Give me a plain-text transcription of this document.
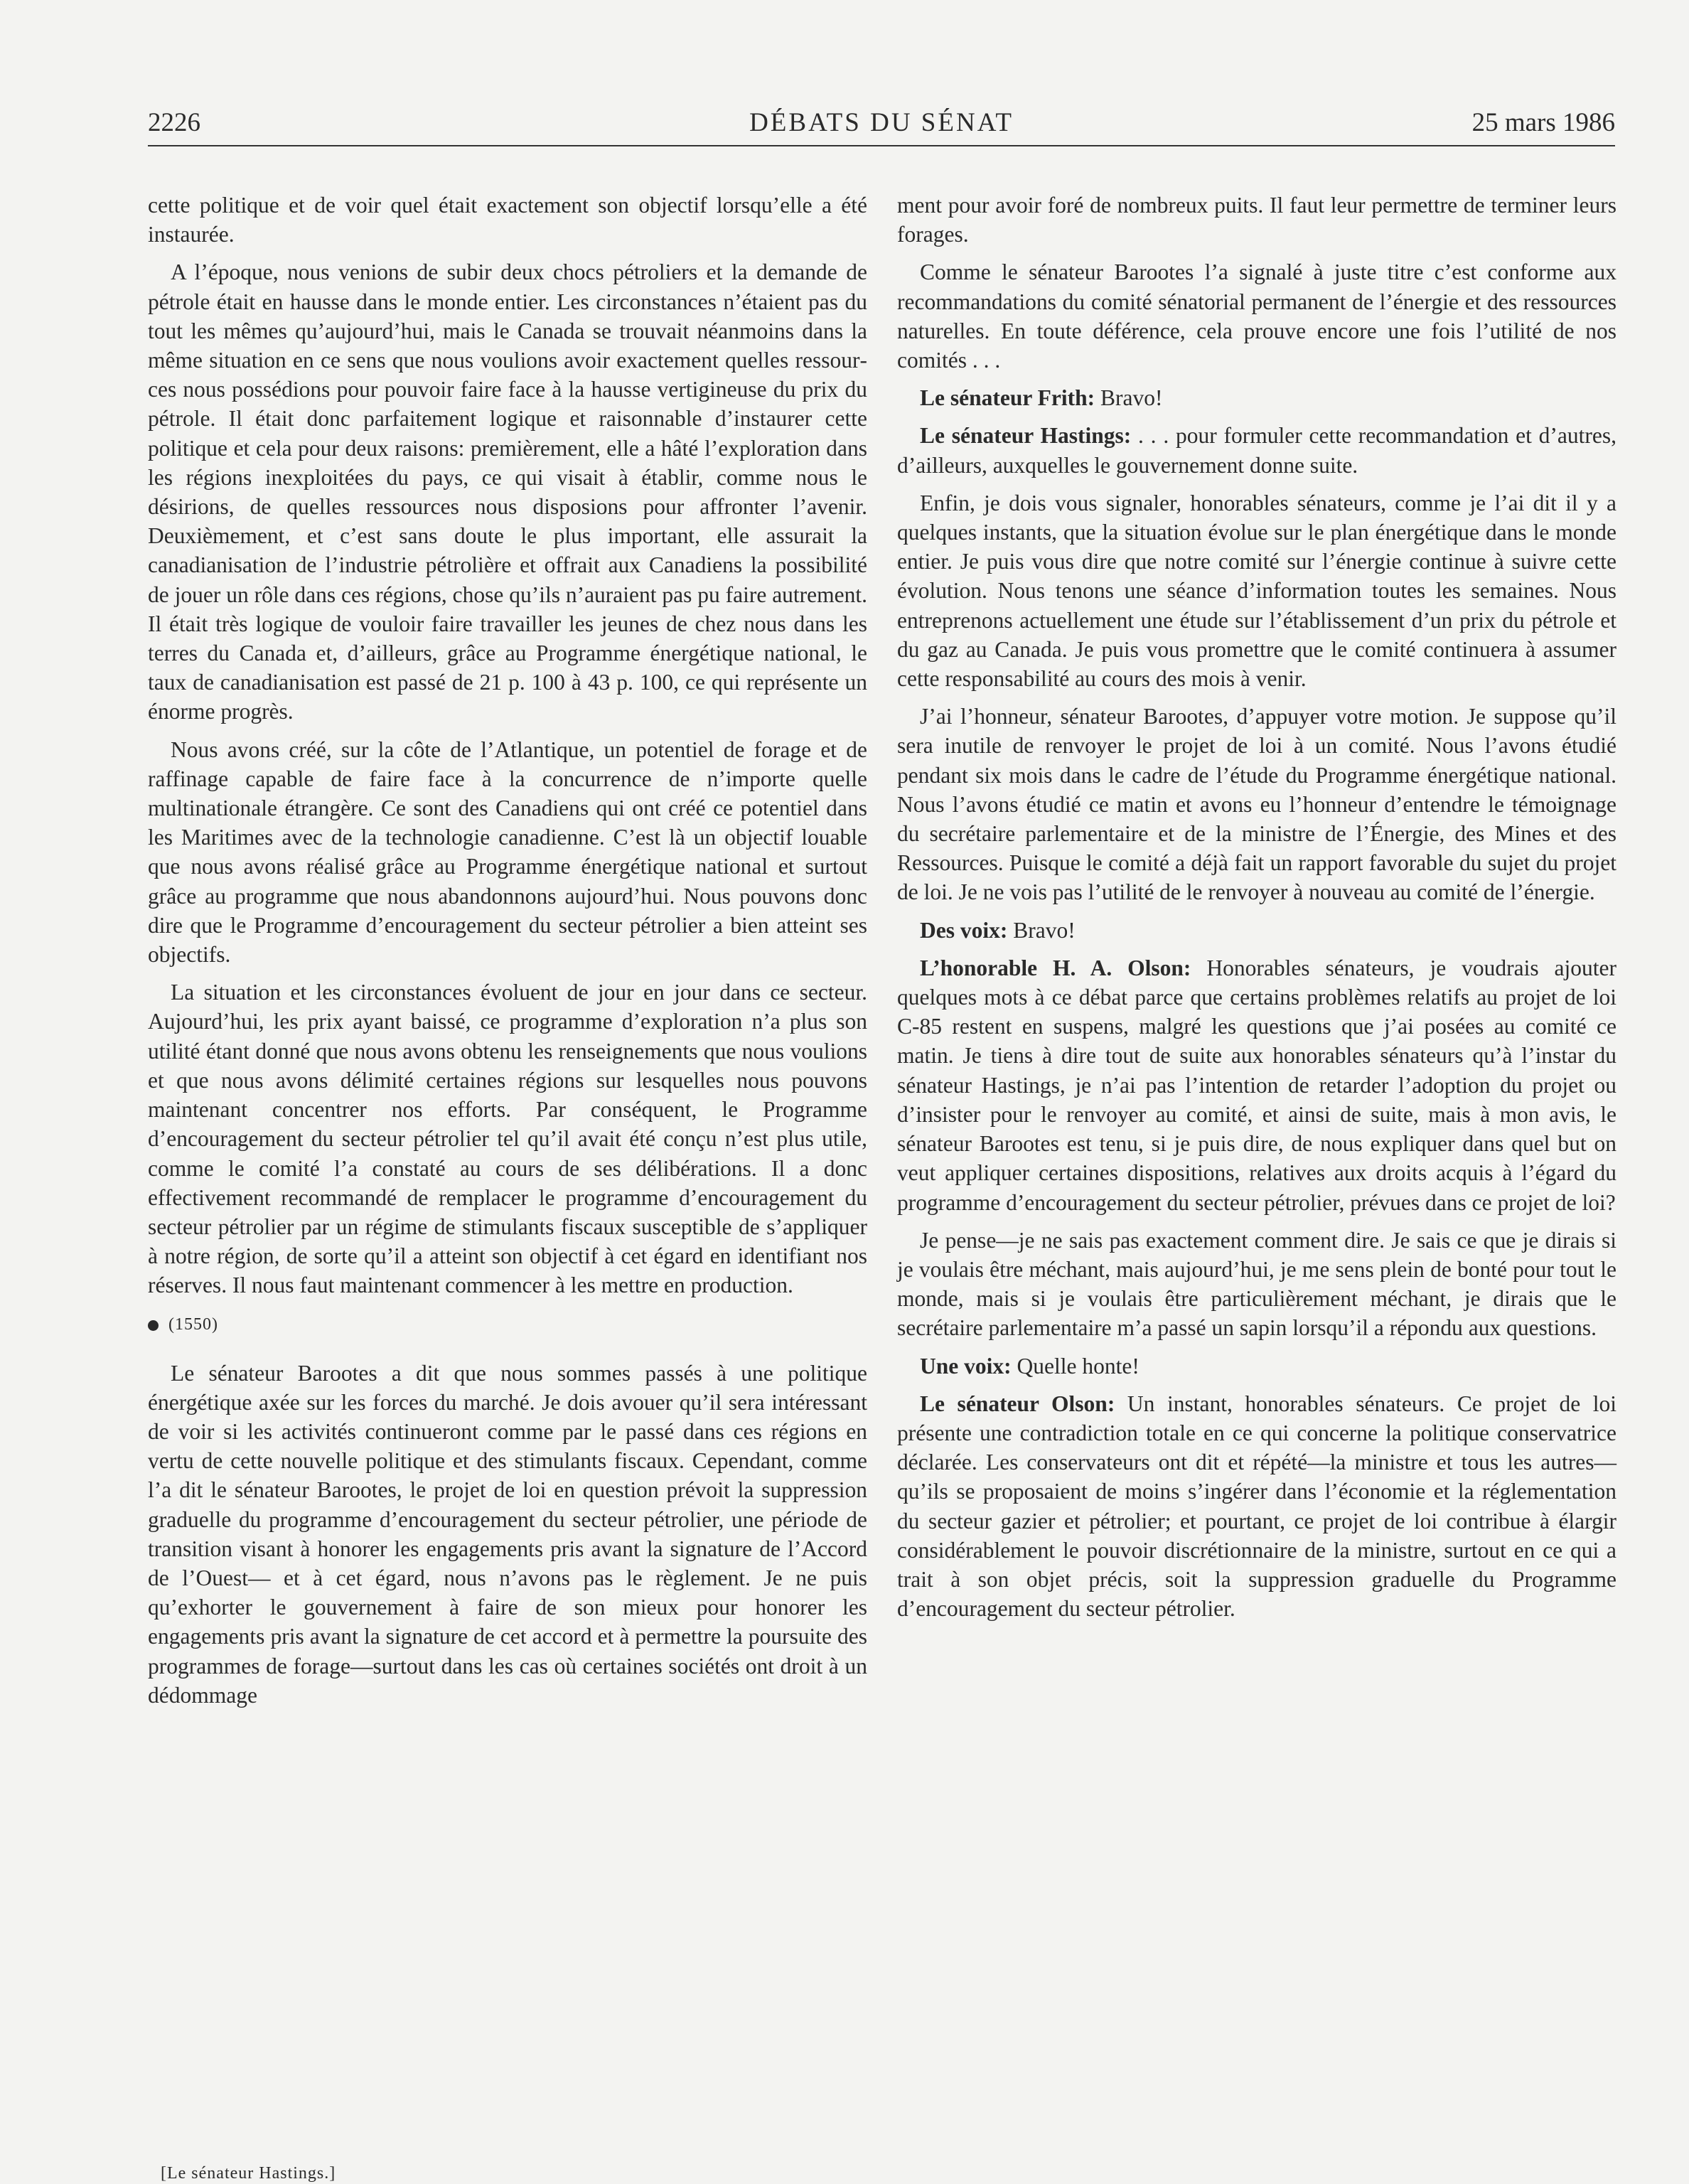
2226	DÉBATS DU SÉNAT	25 mars 1986

cette politique et de voir quel était exactement son objectif lorsqu’elle a été instaurée.

A l’époque, nous venions de subir deux chocs pétroliers et la demande de pétrole était en hausse dans le monde entier. Les circonstances n’étaient pas du tout les mêmes qu’aujourd’hui, mais le Canada se trouvait néanmoins dans la même situation en ce sens que nous voulions avoir exactement quelles ressources nous possédions pour pouvoir faire face à la hausse vertigineuse du prix du pétrole. Il était donc parfaitement logique et raisonnable d’instaurer cette politique et cela pour deux raisons: premièrement, elle a hâté l’exploration dans les régions inexploitées du pays, ce qui visait à établir, comme nous le désirions, de quelles ressources nous disposions pour affronter l’avenir. Deuxièmement, et c’est sans doute le plus important, elle assurait la canadianisation de l’industrie pétrolière et offrait aux Canadiens la possibilité de jouer un rôle dans ces régions, chose qu’ils n’auraient pas pu faire autrement. Il était très logique de vouloir faire travailler les jeunes de chez nous dans les terres du Canada et, d’ailleurs, grâce au Programme énergétique national, le taux de canadianisation est passé de 21 p. 100 à 43 p. 100, ce qui représente un énorme progrès.

Nous avons créé, sur la côte de l’Atlantique, un potentiel de forage et de raffinage capable de faire face à la concurrence de n’importe quelle multinationale étrangère. Ce sont des Canadiens qui ont créé ce potentiel dans les Maritimes avec de la technologie canadienne. C’est là un objectif louable que nous avons réalisé grâce au Programme énergétique national et surtout grâce au programme que nous abandonnons aujourd’hui. Nous pouvons donc dire que le Programme d’encouragement du secteur pétrolier a bien atteint ses objectifs.

La situation et les circonstances évoluent de jour en jour dans ce secteur. Aujourd’hui, les prix ayant baissé, ce programme d’exploration n’a plus son utilité étant donné que nous avons obtenu les renseignements que nous voulions et que nous avons délimité certaines régions sur lesquelles nous pouvons maintenant concentrer nos efforts. Par conséquent, le Programme d’encouragement du secteur pétrolier tel qu’il avait été conçu n’est plus utile, comme le comité l’a constaté au cours de ses délibérations. Il a donc effectivement recommandé de remplacer le programme d’encouragement du secteur pétrolier par un régime de stimulants fiscaux susceptible de s’appliquer à notre région, de sorte qu’il a atteint son objectif à cet égard en identifiant nos réserves. Il nous faut maintenant commencer à les mettre en production.

(1550)

Le sénateur Barootes a dit que nous sommes passés à une politique énergétique axée sur les forces du marché. Je dois avouer qu’il sera intéressant de voir si les activités continueront comme par le passé dans ces régions en vertu de cette nouvelle politique et des stimulants fiscaux. Cependant, comme l’a dit le sénateur Barootes, le projet de loi en question prévoit la suppression graduelle du programme d’encouragement du secteur pétrolier, une période de transition visant à honorer les engagements pris avant la signature de l’Accord de l’Ouest— et à cet égard, nous n’avons pas le règlement. Je ne puis qu’exhorter le gouvernement à faire de son mieux pour honorer les engagements pris avant la signature de cet accord et à permettre la poursuite des programmes de forage—surtout dans les cas où certaines sociétés ont droit à un dédommage

ment pour avoir foré de nombreux puits. Il faut leur permettre de terminer leurs forages.

Comme le sénateur Barootes l’a signalé à juste titre c’est conforme aux recommandations du comité sénatorial permanent de l’énergie et des ressources naturelles. En toute déférence, cela prouve encore une fois l’utilité de nos comités . . .

Le sénateur Frith: Bravo!

Le sénateur Hastings: . . . pour formuler cette recommandation et d’autres, d’ailleurs, auxquelles le gouvernement donne suite.

Enfin, je dois vous signaler, honorables sénateurs, comme je l’ai dit il y a quelques instants, que la situation évolue sur le plan énergétique dans le monde entier. Je puis vous dire que notre comité sur l’énergie continue à suivre cette évolution. Nous tenons une séance d’information toutes les semaines. Nous entreprenons actuellement une étude sur l’établissement d’un prix du pétrole et du gaz au Canada. Je puis vous promettre que le comité continuera à assumer cette responsabilité au cours des mois à venir.

J’ai l’honneur, sénateur Barootes, d’appuyer votre motion. Je suppose qu’il sera inutile de renvoyer le projet de loi à un comité. Nous l’avons étudié pendant six mois dans le cadre de l’étude du Programme énergétique national. Nous l’avons étudié ce matin et avons eu l’honneur d’entendre le témoignage du secrétaire parlementaire et de la ministre de l’Énergie, des Mines et des Ressources. Puisque le comité a déjà fait un rapport favorable du sujet du projet de loi. Je ne vois pas l’utilité de le renvoyer à nouveau au comité de l’énergie.

Des voix: Bravo!

L’honorable H. A. Olson: Honorables sénateurs, je voudrais ajouter quelques mots à ce débat parce que certains problèmes relatifs au projet de loi C-85 restent en suspens, malgré les questions que j’ai posées au comité ce matin. Je tiens à dire tout de suite aux honorables sénateurs qu’à l’instar du sénateur Hastings, je n’ai pas l’intention de retarder l’adoption du projet ou d’insister pour le renvoyer au comité, et ainsi de suite, mais à mon avis, le sénateur Barootes est tenu, si je puis dire, de nous expliquer dans quel but on veut appliquer certaines dispositions, relatives aux droits acquis à l’égard du programme d’encouragement du secteur pétrolier, prévues dans ce projet de loi?

Je pense—je ne sais pas exactement comment dire. Je sais ce que je dirais si je voulais être méchant, mais aujourd’hui, je me sens plein de bonté pour tout le monde, mais si je voulais être particulièrement méchant, je dirais que le secrétaire parlementaire m’a passé un sapin lorsqu’il a répondu aux questions.

Une voix: Quelle honte!

Le sénateur Olson: Un instant, honorables sénateurs. Ce projet de loi présente une contradiction totale en ce qui concerne la politique conservatrice déclarée. Les conservateurs ont dit et répété—la ministre et tous les autres—qu’ils se proposaient de moins s’ingérer dans l’économie et la réglementation du secteur gazier et pétrolier; et pourtant, ce projet de loi contribue à élargir considérablement le pouvoir discrétionnaire de la ministre, surtout en ce qui a trait à son objet précis, soit la suppression graduelle du Programme d’encouragement du secteur pétrolier.

[Le sénateur Hastings.]
